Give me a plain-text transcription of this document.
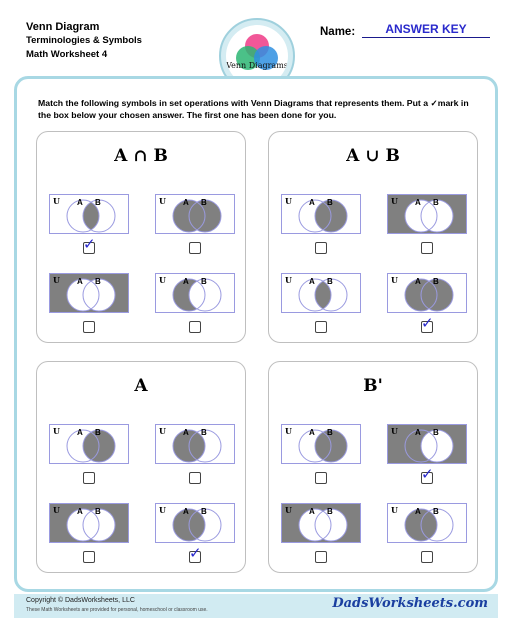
Venn Diagram
Terminologies & Symbols
Math Worksheet 4
Venn Diagrams
Name:	ANSWER KEY
Match the following symbols in set operations with Venn Diagrams that represents them. Put a ✓mark in the box below your chosen answer. The first one has been done for you.
A ∩ B
U A B
✓
U A B
U A B	U A B
A ∪ B
U A B	U A B
U A B	U A B
✓
A
U A B	U A B
U A B	U A B
✓
B'
U A B	U A B
✓
U A B	U A B
Copyright © DadsWorksheets, LLC
These Math Worksheets are provided for personal, homeschool or classroom use.	DadsWorksheets.com
